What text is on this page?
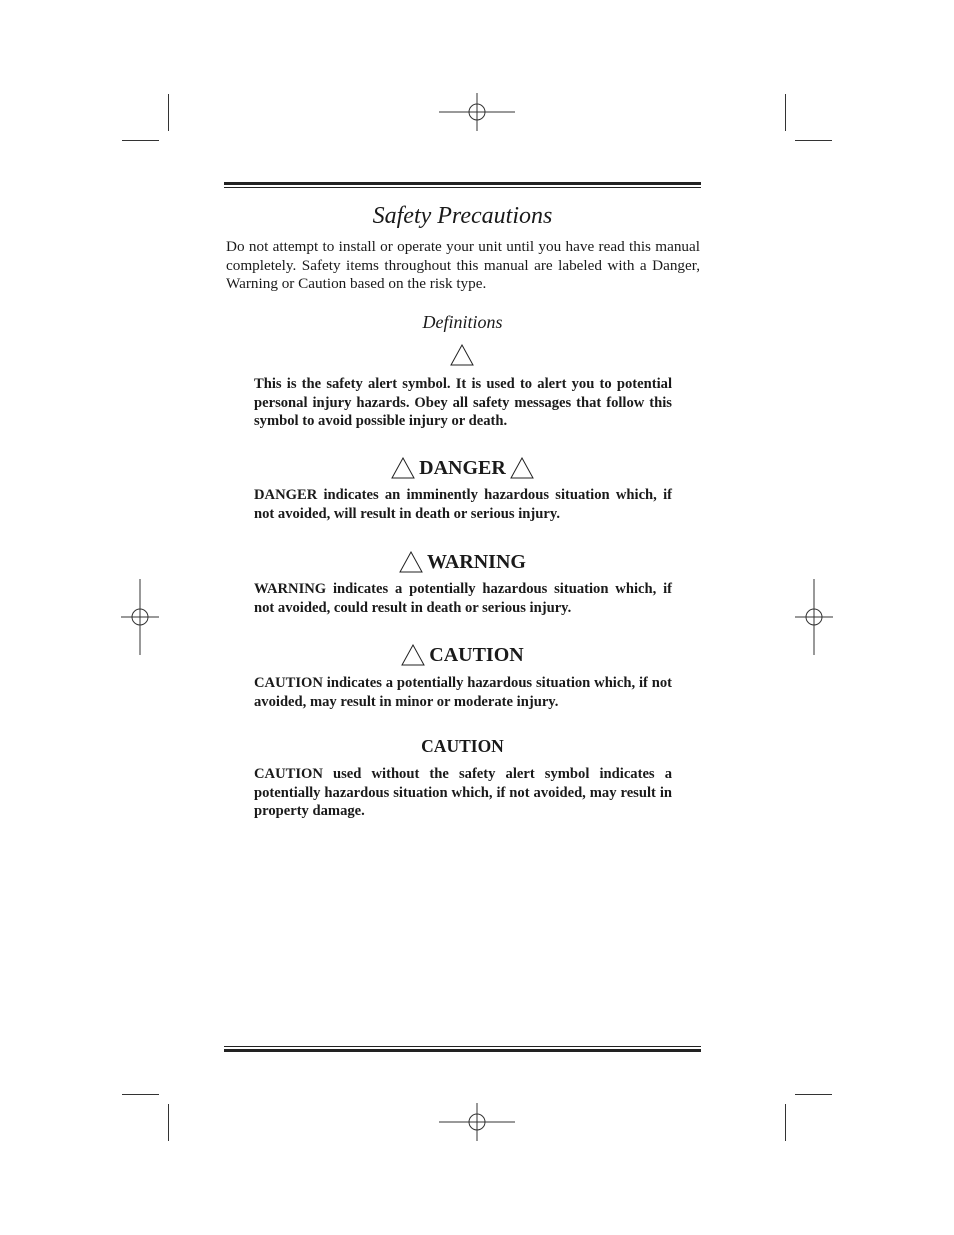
Safety Precautions

Do not attempt to install or operate your unit until you have read this manual completely. Safety items throughout this manual are labeled with a Danger, Warning or Caution based on the risk type.

Definitions

This is the safety alert symbol. It is used to alert you to potential personal injury hazards. Obey all safety messages that follow this symbol to avoid possible injury or death.

DANGER

DANGER indicates an imminently hazardous situation which, if not avoided, will result in death or serious injury.

WARNING

WARNING indicates a potentially hazardous situation which, if not avoided, could result in death or serious injury.

CAUTION

CAUTION indicates a potentially hazardous situation which, if not avoided, may result in minor or moderate injury.

CAUTION

CAUTION used without the safety alert symbol indicates a potentially hazardous situation which, if not avoided, may result in property damage.
